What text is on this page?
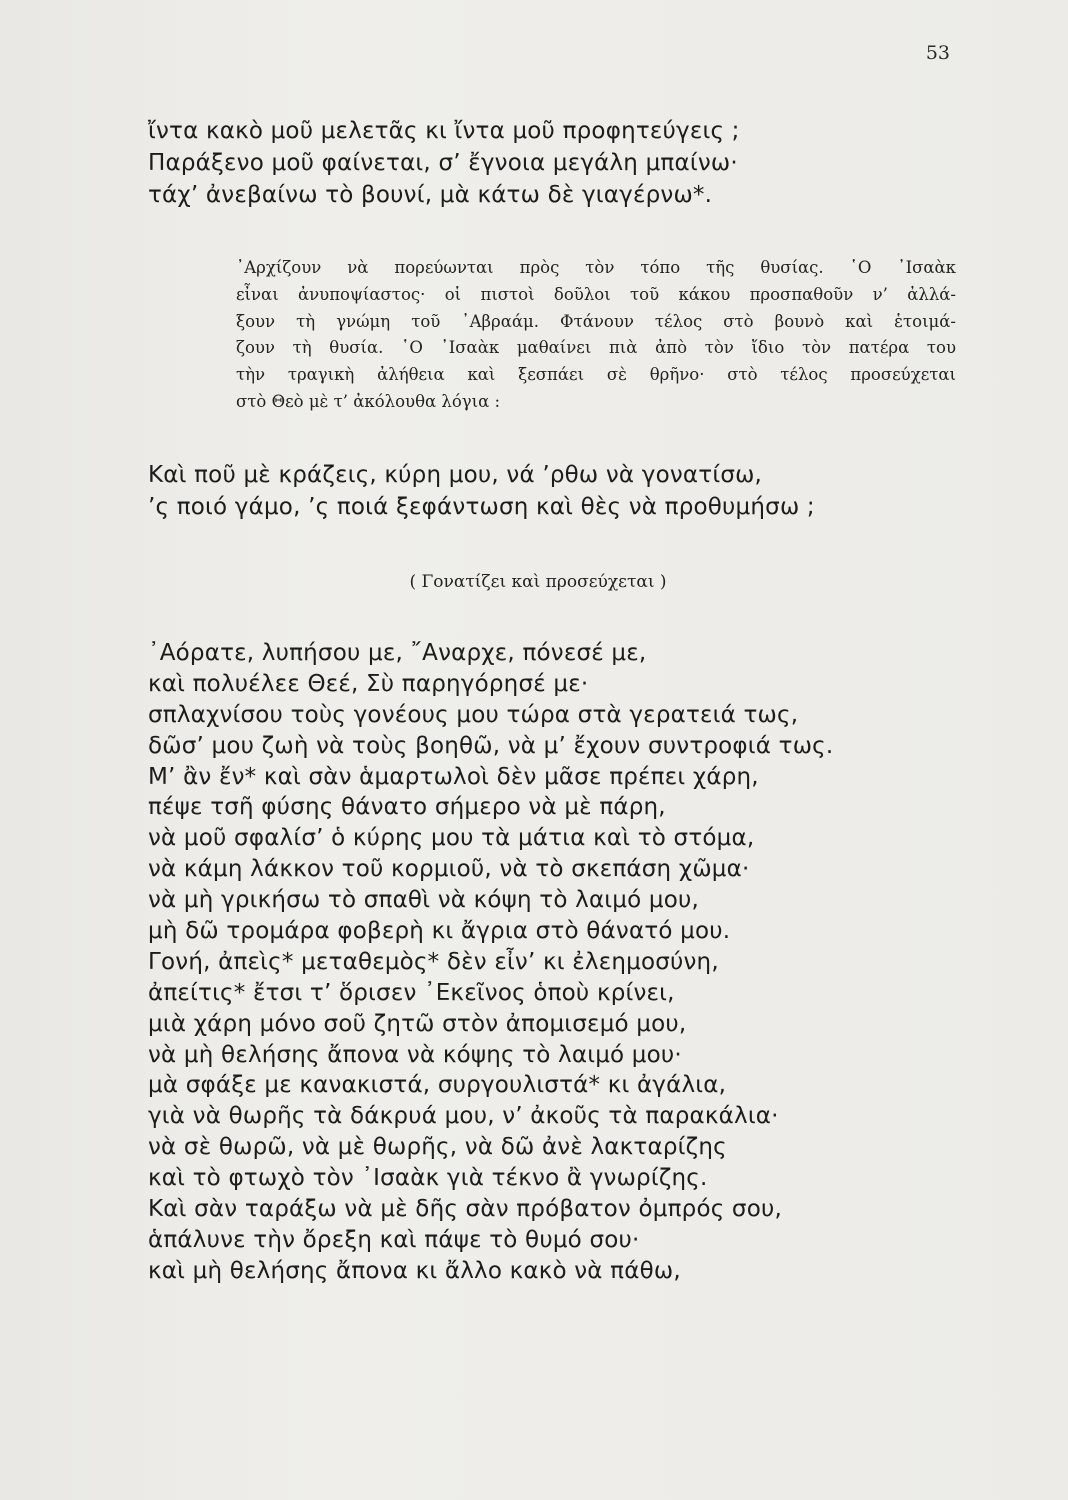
53
ἴντα κακὸ μοῦ μελετᾶς κι ἴντα μοῦ προφητεύγεις ;
Παράξενο μοῦ φαίνεται, σ’ ἔγνοια μεγάλη μπαίνω·
τάχ’ ἀνεβαίνω τὸ βουνί, μὰ κάτω δὲ γιαγέρνω*.
᾿Αρχίζουν νὰ πορεύωνται πρὸς τὸν τόπο τῆς θυσίας. ῾Ο ᾿Ισαὰκ
εἶναι ἀνυποψίαστος· οἱ πιστοὶ δοῦλοι τοῦ κάκου προσπαθοῦν ν’ ἀλλά-
ξουν τὴ γνώμη τοῦ ᾿Αβραάμ. Φτάνουν τέλος στὸ βουνὸ καὶ ἑτοιμά-
ζουν τὴ θυσία. ῾Ο ᾿Ισαὰκ μαθαίνει πιὰ ἀπὸ τὸν ἴδιο τὸν πατέρα του
τὴν τραγικὴ ἀλήθεια καὶ ξεσπάει σὲ θρῆνο· στὸ τέλος προσεύχεται
στὸ Θεὸ μὲ τ’ ἀκόλουθα λόγια :
Καὶ ποῦ μὲ κράζεις, κύρη μου, νά ’ρθω νὰ γονατίσω,
’ς ποιό γάμο, ’ς ποιά ξεφάντωση καὶ θὲς νὰ προθυμήσω ;
( Γονατίζει καὶ προσεύχεται )
᾿Αόρατε, λυπήσου με, ῎Αναρχε, πόνεσέ με,
καὶ πολυέλεε Θεέ, Σὺ παρηγόρησέ με·
σπλαχνίσου τοὺς γονέους μου τώρα στὰ γερατειά τως,
δῶσ’ μου ζωὴ νὰ τοὺς βοηθῶ, νὰ μ’ ἔχουν συντροφιά τως.
Μ’ ἂν ἔν* καὶ σὰν ἁμαρτωλοὶ δὲν μᾶσε πρέπει χάρη,
πέψε τσῆ φύσης θάνατο σήμερο νὰ μὲ πάρη,
νὰ μοῦ σφαλίσ’ ὁ κύρης μου τὰ μάτια καὶ τὸ στόμα,
νὰ κάμη λάκκον τοῦ κορμιοῦ, νὰ τὸ σκεπάση χῶμα·
νὰ μὴ γρικήσω τὸ σπαθὶ νὰ κόψη τὸ λαιμό μου,
μὴ δῶ τρομάρα φοβερὴ κι ἄγρια στὸ θάνατό μου.
Γονή, ἀπεὶς* μεταθεμὸς* δὲν εἶν’ κι ἐλεημοσύνη,
ἀπείτις* ἔτσι τ’ ὅρισεν ᾿Εκεῖνος ὁποὺ κρίνει,
μιὰ χάρη μόνο σοῦ ζητῶ στὸν ἀπομισεμό μου,
νὰ μὴ θελήσης ἄπονα νὰ κόψης τὸ λαιμό μου·
μὰ σφάξε με κανακιστά, συργουλιστά* κι ἀγάλια,
γιὰ νὰ θωρῆς τὰ δάκρυά μου, ν’ ἀκοῦς τὰ παρακάλια·
νὰ σὲ θωρῶ, νὰ μὲ θωρῆς, νὰ δῶ ἀνὲ λακταρίζης
καὶ τὸ φτωχὸ τὸν ᾿Ισαὰκ γιὰ τέκνο ἂ γνωρίζης.
Καὶ σὰν ταράξω νὰ μὲ δῆς σὰν πρόβατον ὀμπρός σου,
ἁπάλυνε τὴν ὄρεξη καὶ πάψε τὸ θυμό σου·
καὶ μὴ θελήσης ἄπονα κι ἄλλο κακὸ νὰ πάθω,
